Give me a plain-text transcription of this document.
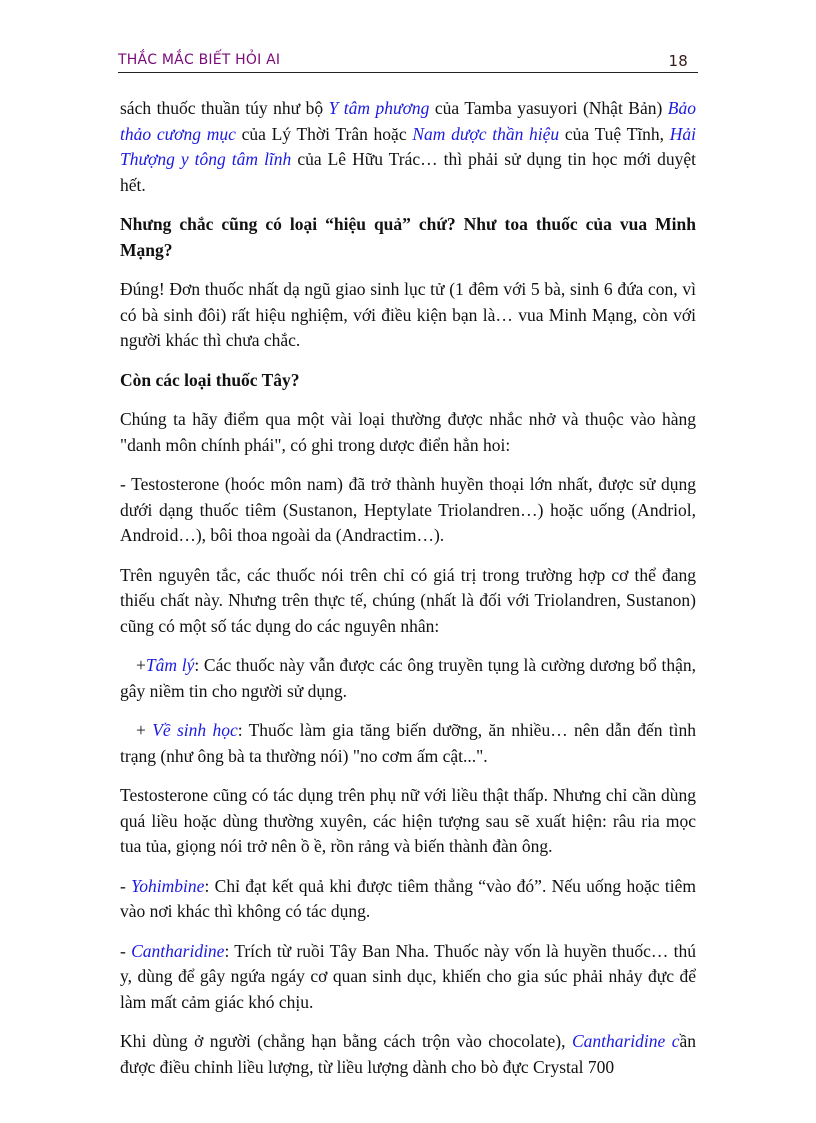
THẮC MẮC BIẾT HỎI AI	18

sách thuốc thuần túy như bộ Y tâm phương của Tamba yasuyori (Nhật Bản) Bảo thảo cương mục của Lý Thời Trân hoặc Nam dược thần hiệu của Tuệ Tĩnh, Hải Thượng y tông tâm lĩnh của Lê Hữu Trác… thì phải sử dụng tin học mới duyệt hết.

Nhưng chắc cũng có loại “hiệu quả” chứ? Như toa thuốc của vua Minh Mạng?

Đúng! Đơn thuốc nhất dạ ngũ giao sinh lục tử (1 đêm với 5 bà, sinh 6 đứa con, vì có bà sinh đôi) rất hiệu nghiệm, với điều kiện bạn là… vua Minh Mạng, còn với người khác thì chưa chắc.

Còn các loại thuốc Tây?

Chúng ta hãy điểm qua một vài loại thường được nhắc nhở và thuộc vào hàng "danh môn chính phái", có ghi trong dược điển hẳn hoi:

- Testosterone (hoóc môn nam) đã trở thành huyền thoại lớn nhất, được sử dụng dưới dạng thuốc tiêm (Sustanon, Heptylate Triolandren…) hoặc uống (Andriol, Android…), bôi thoa ngoài da (Andractim…).

Trên nguyên tắc, các thuốc nói trên chỉ có giá trị trong trường hợp cơ thể đang thiếu chất này. Nhưng trên thực tế, chúng (nhất là đối với Triolandren, Sustanon) cũng có một số tác dụng do các nguyên nhân:

+Tâm lý: Các thuốc này vẫn được các ông truyền tụng là cường dương bổ thận, gây niềm tin cho người sử dụng.

+ Về sinh học: Thuốc làm gia tăng biến dưỡng, ăn nhiều… nên dẫn đến tình trạng (như ông bà ta thường nói) "no cơm ấm cật...".

Testosterone cũng có tác dụng trên phụ nữ với liều thật thấp. Nhưng chỉ cần dùng quá liều hoặc dùng thường xuyên, các hiện tượng sau sẽ xuất hiện: râu ria mọc tua tủa, giọng nói trở nên ồ ề, rồn rảng và biến thành đàn ông.

- Yohimbine: Chỉ đạt kết quả khi được tiêm thẳng “vào đó”. Nếu uống hoặc tiêm vào nơi khác thì không có tác dụng.

- Cantharidine: Trích từ ruồi Tây Ban Nha. Thuốc này vốn là huyền thuốc… thú y, dùng để gây ngứa ngáy cơ quan sinh dục, khiến cho gia súc phải nhảy đực để làm mất cảm giác khó chịu.

Khi dùng ở người (chẳng hạn bằng cách trộn vào chocolate), Cantharidine cần được điều chỉnh liều lượng, từ liều lượng dành cho bò đực Crystal 700
